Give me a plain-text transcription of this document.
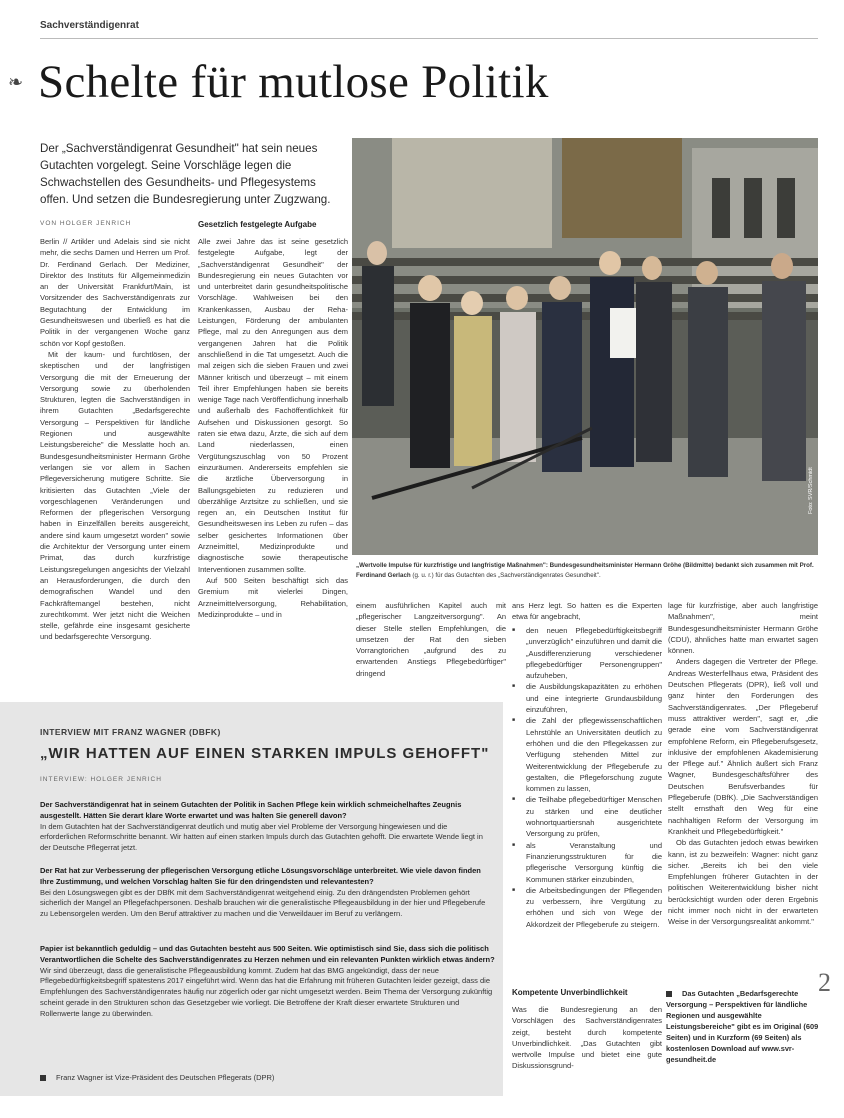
Sachverständigenrat
❧ Schelte für mutlose Politik
Der „Sachverständigenrat Gesundheit" hat sein neues Gutachten vorgelegt. Seine Vorschläge legen die Schwachstellen des Gesundheits- und Pflegesystems offen. Und setzen die Bundesregierung unter Zugzwang.
VON HOLGER JENRICH

Berlin // Artikler und Adelais sind sie nicht mehr, die sechs Damen und Herren um Prof. Dr. Ferdinand Gerlach. Der Mediziner, Direktor des Instituts für Allgemeinmedizin an der Universität Frankfurt/Main, ist Vorsitzender des Sachverständigenrats zur Begutachtung der Entwicklung im Gesundheitswesen und überließ es hat die Politik in der vergangenen Woche ganz schön vor Kopf gestoßen.

Mit der kaum- und furchtlösen, der skeptischen und der langfristigen Versorgung die mit der Erneuerung der Versorgung sowie zu überholenden Strukturen, legten die Sachverständigen in ihrem Gutachten „Bedarfsgerechte Versorgung – Perspektiven für ländliche Regionen und ausgewählte Leistungsbereiche" die Messlatte hoch an. Bundesgesundheitsminister Hermann Gröhe verlangen sie vor allem in Sachen Pflegeversicherung mutigere Schritte. Sie kritisierten das Gutachten „Viele der vorgeschlagenen Veränderungen und Reformen der pflegerischen Versorgung haben in Einzelfällen bereits ausgereicht, andere sind kaum umgesetzt worden" sowie die Architektur der Versorgung unter einem Primat, das durch kurzfristige Leistungsregelungen angesichts der Vielzahl an Herausforderungen, die durch den demografischen Wandel und den Fachkräftemangel bestehen, nicht zurechtkommt. Wer jetzt nicht die Weichen stelle, gefährde eine insgesamt gesicherte und bedarfsgerechte Versorgung.

Gesetzlich festgelegte Aufgabe

Alle zwei Jahre das ist seine gesetzlich festgelegte Aufgabe, legt der „Sachverständigenrat Gesundheit" der Bundesregierung ein neues Gutachten vor und unterbreitet darin gesundheitspolitische Vorschläge. Wahlweisen bei den Krankenkassen, Ausbau der Reha-Leistungen, Förderung der ambulanten Pflege, mal zu den Anregungen aus dem vergangenen Jahren hat die Politik anschließend in die Tat umgesetzt. Auch die mal zeigen sich die sieben Frauen und zwei Männer kritisch und überzeugt – mit einem Teil ihrer Empfehlungen haben sie bereits wenige Tage nach Veröffentlichung innerhalb und außerhalb des Fachöffentlichkeit für Aufsehen und Diskussionen gesorgt. So raten sie etwa dazu, Ärzte, die sich auf dem Land niederlassen, einen Vergütungszuschlag von 50 Prozent einzuräumen. Andererseits empfehlen sie die ärztliche Überversorgung in Ballungsgebieten zu reduzieren und überzählige Arztsitze zu schließen, und sie regen an, ein Deutschen Institut für Gesundheitswesen ins Leben zu rufen – das selber gesichertes Informationen über Arzneimittel, Medizinprodukte und diagnostische sowie therapeutische Interventionen zusammen sollte.

Auf 500 Seiten beschäftigt sich das Gremium mit vielerlei Dingen, Arzneimittelversorgung, Rehabilitation, Medizinprodukte – und in

Foto: SVR/Schmidt
„Wertvolle Impulse für kurzfristige und langfristige Maßnahmen": Bundesgesundheitsminister Hermann Gröhe (Bildmitte) bedankt sich zusammen mit Prof. Ferdinand Gerlach (g. u. r.) für das Gutachten des „Sachverständigenrates Gesundheit".

einem ausführlichen Kapitel auch mit „pflegerischer Langzeitversorgung". An dieser Stelle stellen Empfehlungen, die umsetzen der Rat den sieben Vorrangtorichen „aufgrund des zu erwartenden Anstiegs Pflegebedürftiger" dringend

ans Herz legt. So hatten es die Experten etwa für angebracht,

■ den neuen Pflegebedürftigkeitsbegriff „unverzüglich" einzuführen und damit die „Ausdifferenzierung verschiedener pflegebedürftiger Personengruppen" aufzuheben,
■ die Ausbildungskapazitäten zu erhöhen und eine integrierte Grundausbildung einzuführen,
■ die Zahl der pflegewissenschaftlichen Lehrstühle an Universitäten deutlich zu erhöhen und die den Pflegekassen zur Verfügung stehenden Mittel zur Weiterentwicklung der Pflegeberufe zu gestalten, die Pflegeforschung zugute kommen zu lassen,
■ die Teilhabe pflegebedürftiger Menschen zu stärken und eine deutlicher wohnortquartiersnah ausgerichtete Versorgung zu prüfen,
■ als Veranstaltung und Finanzierungsstrukturen für die pflegerische Versorgung künftig die Kommunen stärker einzubinden,
■ die Arbeitsbedingungen der Pflegenden zu verbessern, ihre Vergütung zu erhöhen und sich von Wege der Akkordzeit der Pflegeberufe zu steigern.
Kompetente Unverbindlichkeit

Was die Bundesregierung an den Vorschlägen des Sachverständigenrates zeigt, besteht durch kompetente Unverbindlichkeit. „Das Gutachten gibt wertvolle Impulse und bietet eine gute Diskussionsgrund-

lage für kurzfristige, aber auch langfristige Maßnahmen", meint Bundesgesundheitsminister Hermann Gröhe (CDU), ähnliches hatte man erwartet sagen können.

Anders dagegen die Vertreter der Pflege. Andreas Westerfellhaus etwa, Präsident des Deutschen Pflegerats (DPR), ließ voll und ganz hinter den Forderungen des Sachverständigenrates. „Der Pflegeberuf muss attraktiver werden", sagt er, „die gerade eine vom Sachverständigenrat empfohlene Reform, ein Pflegeberufsgesetz, inklusive der empfohlenen Akademisierung der Pflege auf." Ähnlich äußert sich Franz Wagner, Bundesgeschäftsführer des Deutschen Berufsverbandes für Pflegeberufe (DBfK). „Die Sachverständigen stellt ernsthaft den Weg für eine nachhaltigen Reform der Versorgung im Krankheit und Pflegebedürftigkeit."

Ob das Gutachten jedoch etwas bewirken kann, ist zu bezweifeln: Wagner: nicht ganz sicher. „Bereits ich bei den viele Empfehlungen früherer Gutachten in der politischen Weiterentwicklung bisher nicht berücksichtigt wurden oder deren Ergebnis nicht immer noch nicht in der erwarteten Weise in der Versorgungsrealität ankommt."

2
Das Gutachten „Bedarfsgerechte Versorgung – Perspektiven für ländliche Regionen und ausgewählte Leistungsbereiche" gibt es im Original (609 Seiten) und in Kurzform (69 Seiten) als kostenlosen Download auf www.svr-gesundheit.de
INTERVIEW MIT FRANZ WAGNER (DBFK)
„WIR HATTEN AUF EINEN STARKEN IMPULS GEHOFFT"
INTERVIEW: HOLGER JENRICH
Der Sachverständigenrat hat in seinem Gutachten der Politik in Sachen Pflege kein wirklich schmeichelhaftes Zeugnis ausgestellt. Hätten Sie derart klare Worte erwartet und was halten Sie generell davon?
In dem Gutachten hat der Sachverständigenrat deutlich und mutig aber viel Probleme der Versorgung hingewiesen und die erforderlichen Reformschritte benannt. Wir hatten auf einen starken Impuls durch das Gutachten gehofft. Die erwartete Wende liegt in der Deutsche Pflegerrat jetzt.
Der Rat hat zur Verbesserung der pflegerischen Versorgung etliche Lösungsvorschläge unterbreitet. Wie viele davon finden Ihre Zustimmung, und welchen Vorschlag halten Sie für den dringendsten und relevantesten?
Bei den Lösungswegen gibt es der DBfK mit dem Sachverständigenrat weitgehend einig. Zu den drängendsten Problemen gehört sicherlich der Mangel an Pflegefachpersonen. Deshalb brauchen wir die generalistische Pflegeausbildung in der hier und Pflegeberufe zu Lebensorgelen werden. Um den Beruf attraktiver zu machen und die Verweildauer im Beruf zu verlängern.
Papier ist bekanntlich geduldig – und das Gutachten besteht aus 500 Seiten. Wie optimistisch sind Sie, dass sich die politisch Verantwortlichen die Schelte des Sachverständigenrates zu Herzen nehmen und ein relevanten Punkten wirklich etwas ändern?
Wir sind überzeugt, dass die generalistische Pflegeausbildung kommt. Zudem hat das BMG angekündigt, dass der neue Pflegebedürftigkeitsbegriff spätestens 2017 eingeführt wird. Wenn das hat die Erfahrung mit früheren Gutachten leider gezeigt, dass die Empfehlungen des Sachverständigenrates häufig nur zögerlich oder gar nicht umgesetzt werden. Beim Thema der Versorgung zukünftig scheint gerade in den Strukturen schon das Gesetzgeber wie vorliegt. Die Betroffene der Kraft dieser erwartete Strukturen und Rollenwerte lange zu überwinden.
Franz Wagner ist Vize-Präsident des Deutschen Pflegerats (DPR)
